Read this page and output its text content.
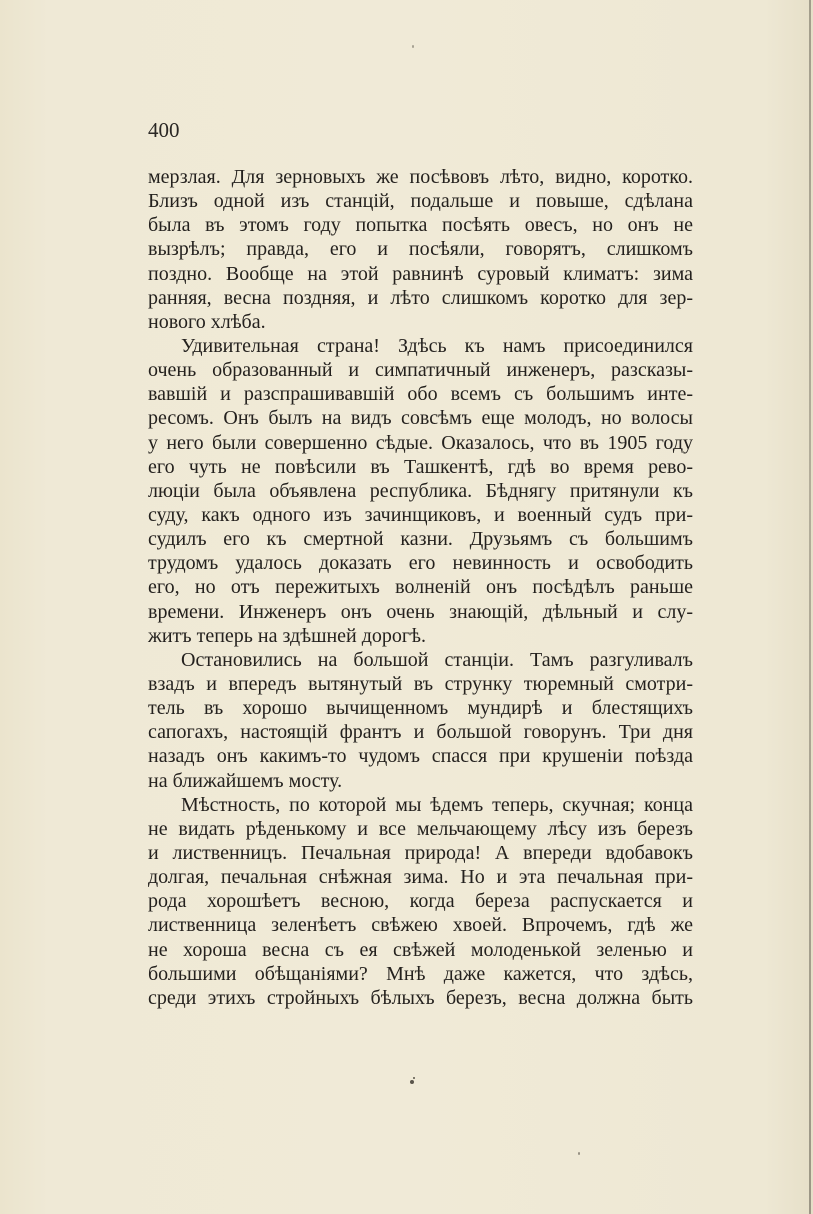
400
мерзлая. Для зерновыхъ же посѣвовъ лѣто, видно, коротко.
Близъ одной изъ станцій, подальше и повыше, сдѣлана
была въ этомъ году попытка посѣять овесъ, но онъ не
вызрѣлъ; правда, его и посѣяли, говорятъ, слишкомъ
поздно. Вообще на этой равнинѣ суровый климатъ: зима
ранняя, весна поздняя, и лѣто слишкомъ коротко для зер-
нового хлѣба.
Удивительная страна! Здѣсь къ намъ присоединился
очень образованный и симпатичный инженеръ, разсказы-
вавшій и разспрашивавшій обо всемъ съ большимъ инте-
ресомъ. Онъ былъ на видъ совсѣмъ еще молодъ, но волосы
у него были совершенно сѣдые. Оказалось, что въ 1905 году
его чуть не повѣсили въ Ташкентѣ, гдѣ во время рево-
люціи была объявлена республика. Бѣднягу притянули къ
суду, какъ одного изъ зачинщиковъ, и военный судъ при-
судилъ его къ смертной казни. Друзьямъ съ большимъ
трудомъ удалось доказать его невинность и освободить
его, но отъ пережитыхъ волненій онъ посѣдѣлъ раньше
времени. Инженеръ онъ очень знающій, дѣльный и слу-
житъ теперь на здѣшней дорогѣ.
Остановились на большой станціи. Тамъ разгуливалъ
взадъ и впередъ вытянутый въ струнку тюремный смотри-
тель въ хорошо вычищенномъ мундирѣ и блестящихъ
сапогахъ, настоящій франтъ и большой говорунъ. Три дня
назадъ онъ какимъ-то чудомъ спасся при крушеніи поѣзда
на ближайшемъ мосту.
Мѣстность, по которой мы ѣдемъ теперь, скучная; конца
не видать рѣденькому и все мельчающему лѣсу изъ березъ
и лиственницъ. Печальная природа! А впереди вдобавокъ
долгая, печальная снѣжная зима. Но и эта печальная при-
рода хорошѣетъ весною, когда береза распускается и
лиственница зеленѣетъ свѣжею хвоей. Впрочемъ, гдѣ же
не хороша весна съ ея свѣжей молоденькой зеленью и
большими обѣщаніями? Мнѣ даже кажется, что здѣсь,
среди этихъ стройныхъ бѣлыхъ березъ, весна должна быть
